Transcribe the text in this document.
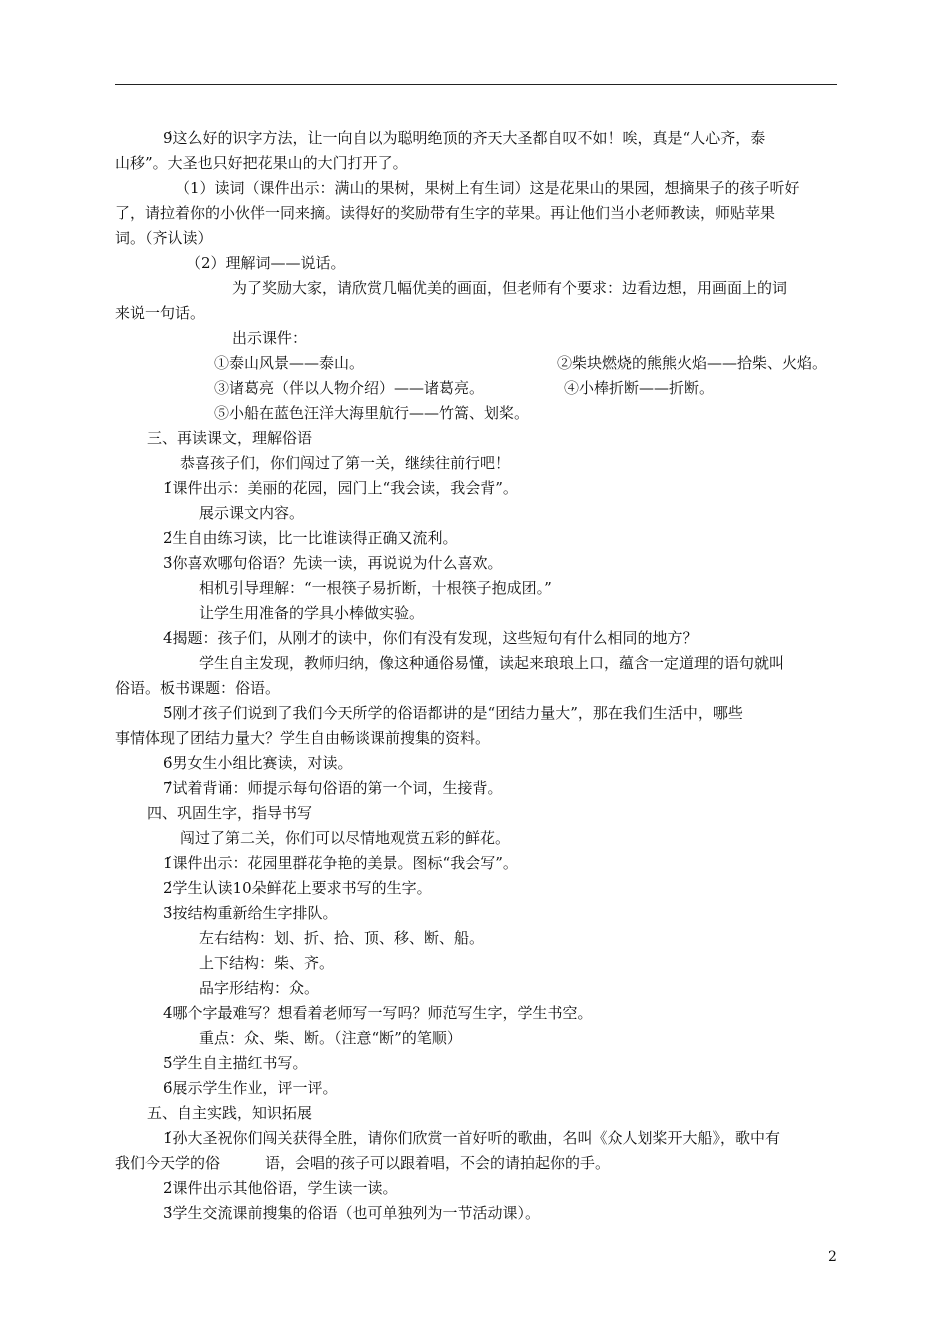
9́这么好的识字方法，让一向自以为聪明绝顶的齐天大圣都自叹不如！唉，真是“人心齐，泰
山移”。大圣也只好把花果山的大门打开了。
（1）读词（课件出示：满山的果树，果树上有生词）这是花果山的果园，想摘果子的孩子听好
了，请拉着你的小伙伴一同来摘。读得好的奖励带有生字的苹果。再让他们当小老师教读，师贴苹果
词。（齐认读）
（2）理解词——说话。
为了奖励大家，请欣赏几幅优美的画面，但老师有个要求：边看边想，用画面上的词
来说一句话。
出示课件：
①泰山风景——泰山。	②柴块燃烧的熊熊火焰——拾柴、火焰。
③诸葛亮（伴以人物介绍）——诸葛亮。	④小棒折断——折断。
⑤小船在蓝色汪洋大海里航行——竹篙、划桨。
三、再读课文，理解俗语
恭喜孩子们，你们闯过了第一关，继续往前行吧！
1́课件出示：美丽的花园，园门上“我会读，我会背”。
展示课文内容。
2́生自由练习读，比一比谁读得正确又流利。
3́你喜欢哪句俗语？先读一读，再说说为什么喜欢。
相机引导理解：“一根筷子易折断，十根筷子抱成团。”
让学生用准备的学具小棒做实验。
4́揭题：孩子们，从刚才的读中，你们有没有发现，这些短句有什么相同的地方？
学生自主发现，教师归纳，像这种通俗易懂，读起来琅琅上口，蕴含一定道理的语句就叫
俗语。板书课题：俗语。
5́刚才孩子们说到了我们今天所学的俗语都讲的是“团结力量大”，那在我们生活中，哪些
事情体现了团结力量大？学生自由畅谈课前搜集的资料。
6́男女生小组比赛读，对读。
7́试着背诵：师提示每句俗语的第一个词，生接背。
四、巩固生字，指导书写
闯过了第二关，你们可以尽情地观赏五彩的鲜花。
1́课件出示：花园里群花争艳的美景。图标“我会写”。
2́学生认读10朵鲜花上要求书写的生字。
3́按结构重新给生字排队。
左右结构：划、折、拾、顶、移、断、船。
上下结构：柴、齐。
品字形结构：众。
4́哪个字最难写？想看着老师写一写吗？师范写生字，学生书空。
重点：众、柴、断。（注意“断”的笔顺）
5́学生自主描红书写。
6́展示学生作业，评一评。
五、自主实践，知识拓展
1́孙大圣祝你们闯关获得全胜，请你们欣赏一首好听的歌曲，名叫《众人划桨开大船》，歌中有
我们今天学的俗　　　语，会唱的孩子可以跟着唱，不会的请拍起你的手。
2́课件出示其他俗语，学生读一读。
3́学生交流课前搜集的俗语（也可单独列为一节活动课）。
2
